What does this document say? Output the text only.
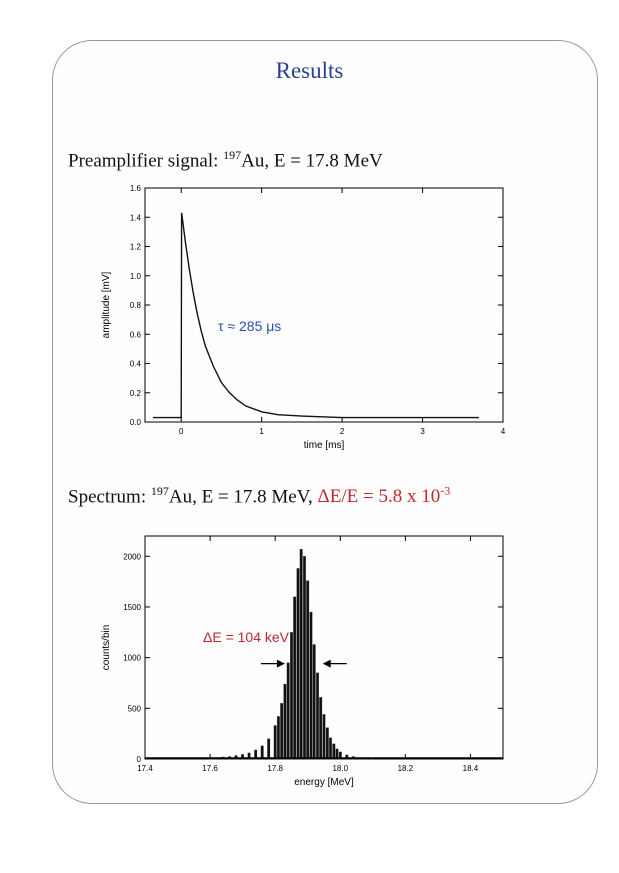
Results
Preamplifier signal: $^{197}$Au, E = 17.8 MeV
Spectrum: $^{197}$Au, E = 17.8 MeV, ΔE/E = 5.8 x $10^{-3}$
0	1	2	3	4
0.0
0.2
0.4
0.6
0.8
1.0
1.2
1.4
1.6
time [ms]
amplitude [mV]	τ ≈ 285 μs
17.4	17.6	17.8	18.0	18.2	18.4
0
500
1000
1500
2000
energy [MeV]
counts/bin	ΔE = 104 keV
